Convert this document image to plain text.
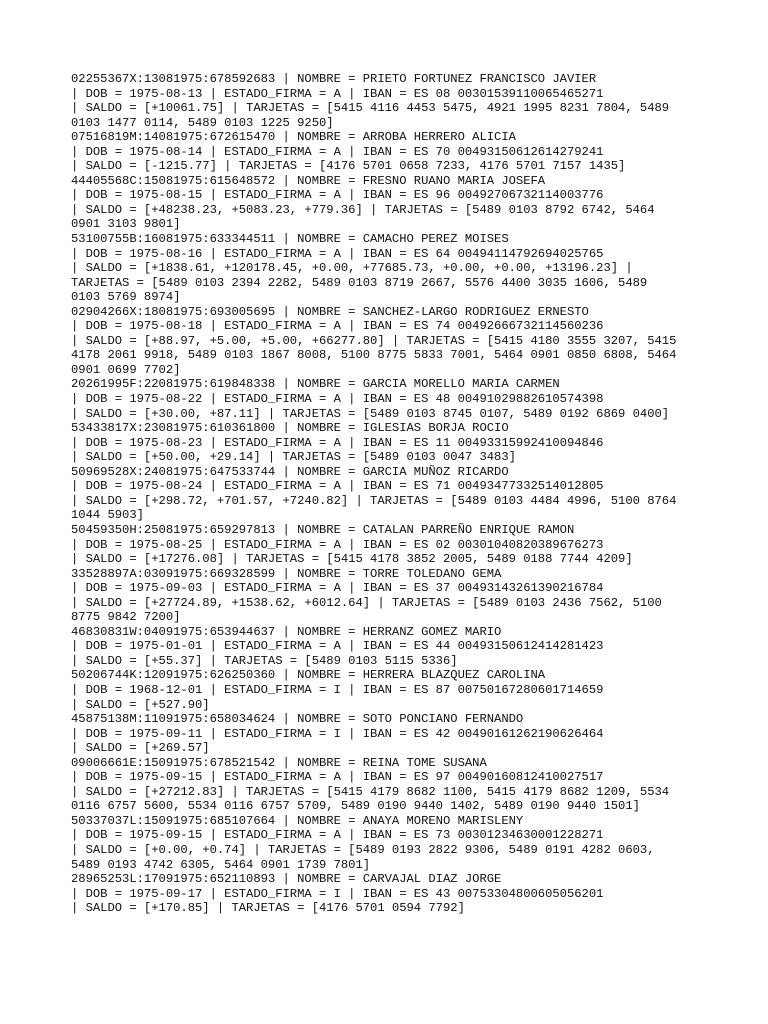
02255367X:13081975:678592683 | NOMBRE = PRIETO FORTUNEZ FRANCISCO JAVIER
| DOB = 1975-08-13 | ESTADO_FIRMA = A | IBAN = ES 08 00301539110065465271
| SALDO = [+10061.75] | TARJETAS = [5415 4116 4453 5475, 4921 1995 8231 7804, 5489
0103 1477 0114, 5489 0103 1225 9250]
07516819M:14081975:672615470 | NOMBRE = ARROBA HERRERO ALICIA
| DOB = 1975-08-14 | ESTADO_FIRMA = A | IBAN = ES 70 00493150612614279241
| SALDO = [-1215.77] | TARJETAS = [4176 5701 0658 7233, 4176 5701 7157 1435]
44405568C:15081975:615648572 | NOMBRE = FRESNO RUANO MARIA JOSEFA
| DOB = 1975-08-15 | ESTADO_FIRMA = A | IBAN = ES 96 00492706732114003776
| SALDO = [+48238.23, +5083.23, +779.36] | TARJETAS = [5489 0103 8792 6742, 5464
0901 3103 9801]
53100755B:16081975:633344511 | NOMBRE = CAMACHO PEREZ MOISES
| DOB = 1975-08-16 | ESTADO_FIRMA = A | IBAN = ES 64 00494114792694025765
| SALDO = [+1838.61, +120178.45, +0.00, +77685.73, +0.00, +0.00, +13196.23] |
TARJETAS = [5489 0103 2394 2282, 5489 0103 8719 2667, 5576 4400 3035 1606, 5489
0103 5769 8974]
02904266X:18081975:693005695 | NOMBRE = SANCHEZ-LARGO RODRIGUEZ ERNESTO
| DOB = 1975-08-18 | ESTADO_FIRMA = A | IBAN = ES 74 00492666732114560236
| SALDO = [+88.97, +5.00, +5.00, +66277.80] | TARJETAS = [5415 4180 3555 3207, 5415
4178 2061 9918, 5489 0103 1867 8008, 5100 8775 5833 7001, 5464 0901 0850 6808, 5464
0901 0699 7702]
20261995F:22081975:619848338 | NOMBRE = GARCIA MORELLO MARIA CARMEN
| DOB = 1975-08-22 | ESTADO_FIRMA = A | IBAN = ES 48 00491029882610574398
| SALDO = [+30.00, +87.11] | TARJETAS = [5489 0103 8745 0107, 5489 0192 6869 0400]
53433817X:23081975:610361800 | NOMBRE = IGLESIAS BORJA ROCIO
| DOB = 1975-08-23 | ESTADO_FIRMA = A | IBAN = ES 11 00493315992410094846
| SALDO = [+50.00, +29.14] | TARJETAS = [5489 0103 0047 3483]
50969528X:24081975:647533744 | NOMBRE = GARCIA MUÑOZ RICARDO
| DOB = 1975-08-24 | ESTADO_FIRMA = A | IBAN = ES 71 00493477332514012805
| SALDO = [+298.72, +701.57, +7240.82] | TARJETAS = [5489 0103 4484 4996, 5100 8764
1044 5903]
50459350H:25081975:659297813 | NOMBRE = CATALAN PARREÑO ENRIQUE RAMON
| DOB = 1975-08-25 | ESTADO_FIRMA = A | IBAN = ES 02 00301040820389676273
| SALDO = [+17276.08] | TARJETAS = [5415 4178 3852 2005, 5489 0188 7744 4209]
33528897A:03091975:669328599 | NOMBRE = TORRE TOLEDANO GEMA
| DOB = 1975-09-03 | ESTADO_FIRMA = A | IBAN = ES 37 00493143261390216784
| SALDO = [+27724.89, +1538.62, +6012.64] | TARJETAS = [5489 0103 2436 7562, 5100
8775 9842 7200]
46830831W:04091975:653944637 | NOMBRE = HERRANZ GOMEZ MARIO
| DOB = 1975-01-01 | ESTADO_FIRMA = A | IBAN = ES 44 00493150612414281423
| SALDO = [+55.37] | TARJETAS = [5489 0103 5115 5336]
50206744K:12091975:626250360 | NOMBRE = HERRERA BLAZQUEZ CAROLINA
| DOB = 1968-12-01 | ESTADO_FIRMA = I | IBAN = ES 87 00750167280601714659
| SALDO = [+527.90]
45875138M:11091975:658034624 | NOMBRE = SOTO PONCIANO FERNANDO
| DOB = 1975-09-11 | ESTADO_FIRMA = I | IBAN = ES 42 00490161262190626464
| SALDO = [+269.57]
09006661E:15091975:678521542 | NOMBRE = REINA TOME SUSANA
| DOB = 1975-09-15 | ESTADO_FIRMA = A | IBAN = ES 97 00490160812410027517
| SALDO = [+27212.83] | TARJETAS = [5415 4179 8682 1100, 5415 4179 8682 1209, 5534
0116 6757 5600, 5534 0116 6757 5709, 5489 0190 9440 1402, 5489 0190 9440 1501]
50337037L:15091975:685107664 | NOMBRE = ANAYA MORENO MARISLENY
| DOB = 1975-09-15 | ESTADO_FIRMA = A | IBAN = ES 73 00301234630001228271
| SALDO = [+0.00, +0.74] | TARJETAS = [5489 0193 2822 9306, 5489 0191 4282 0603,
5489 0193 4742 6305, 5464 0901 1739 7801]
28965253L:17091975:652110893 | NOMBRE = CARVAJAL DIAZ JORGE
| DOB = 1975-09-17 | ESTADO_FIRMA = I | IBAN = ES 43 00753304800605056201
| SALDO = [+170.85] | TARJETAS = [4176 5701 0594 7792]
